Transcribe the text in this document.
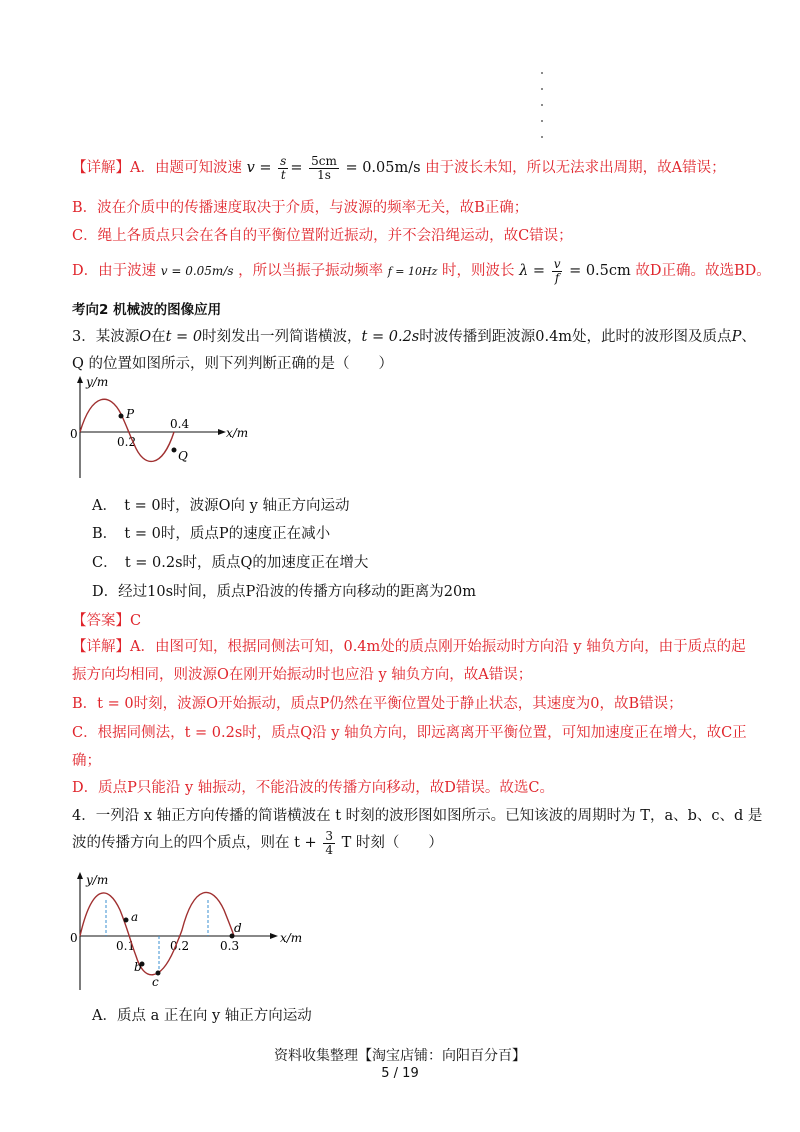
【详解】A．由题可知波速 $v = \frac{s}{t} = \frac{5cm}{1s} = 0.05m/s$ 由于波长未知，所以无法求出周期，故A错误；
B．波在介质中的传播速度取决于介质，与波源的频率无关，故B正确；
C．绳上各质点只会在各自的平衡位置附近振动，并不会沿绳运动，故C错误；
D．由于波速 v = 0.05m/s ，所以当振子振动频率 f = 10Hz 时，则波长 $\lambda = \frac{v}{f} = 0.5cm$ 故D正确。故选BD。
考向2 机械波的图像应用
3．某波源O在t = 0时刻发出一列简谐横波，t = 0.2s时波传播到距波源0.4m处，此时的波形图及质点P、
Q 的位置如图所示，则下列判断正确的是（　　）
y/m
x/m
0
0.2
0.4
P
Q
A．　t = 0时，波源O向 y 轴正方向运动
B．　t = 0时，质点P的速度正在减小
C．　t = 0.2s时，质点Q的加速度正在增大
D．经过10s时间，质点P沿波的传播方向移动的距离为20m
【答案】C
【详解】A．由图可知，根据同侧法可知，0.4m处的质点刚开始振动时方向沿 y 轴负方向，由于质点的起
振方向均相同，则波源O在刚开始振动时也应沿 y 轴负方向，故A错误；
B．t = 0时刻，波源O开始振动，质点P仍然在平衡位置处于静止状态，其速度为0，故B错误；
C．根据同侧法，t = 0.2s时，质点Q沿 y 轴负方向，即远离离开平衡位置，可知加速度正在增大，故C正
确；
D．质点P只能沿 y 轴振动，不能沿波的传播方向移动，故D错误。故选C。
4．一列沿 x 轴正方向传播的简谐横波在 t 时刻的波形图如图所示。已知该波的周期时为 T，a、b、c、d 是
波的传播方向上的四个质点，则在 $t + \frac{3}{4}$ T 时刻（　　）
y/m
x/m
0
0.1	0.2	0.3
a
b
c
d
A．质点 a 正在向 y 轴正方向运动
资料收集整理【淘宝店铺：向阳百分百】
5 / 19
